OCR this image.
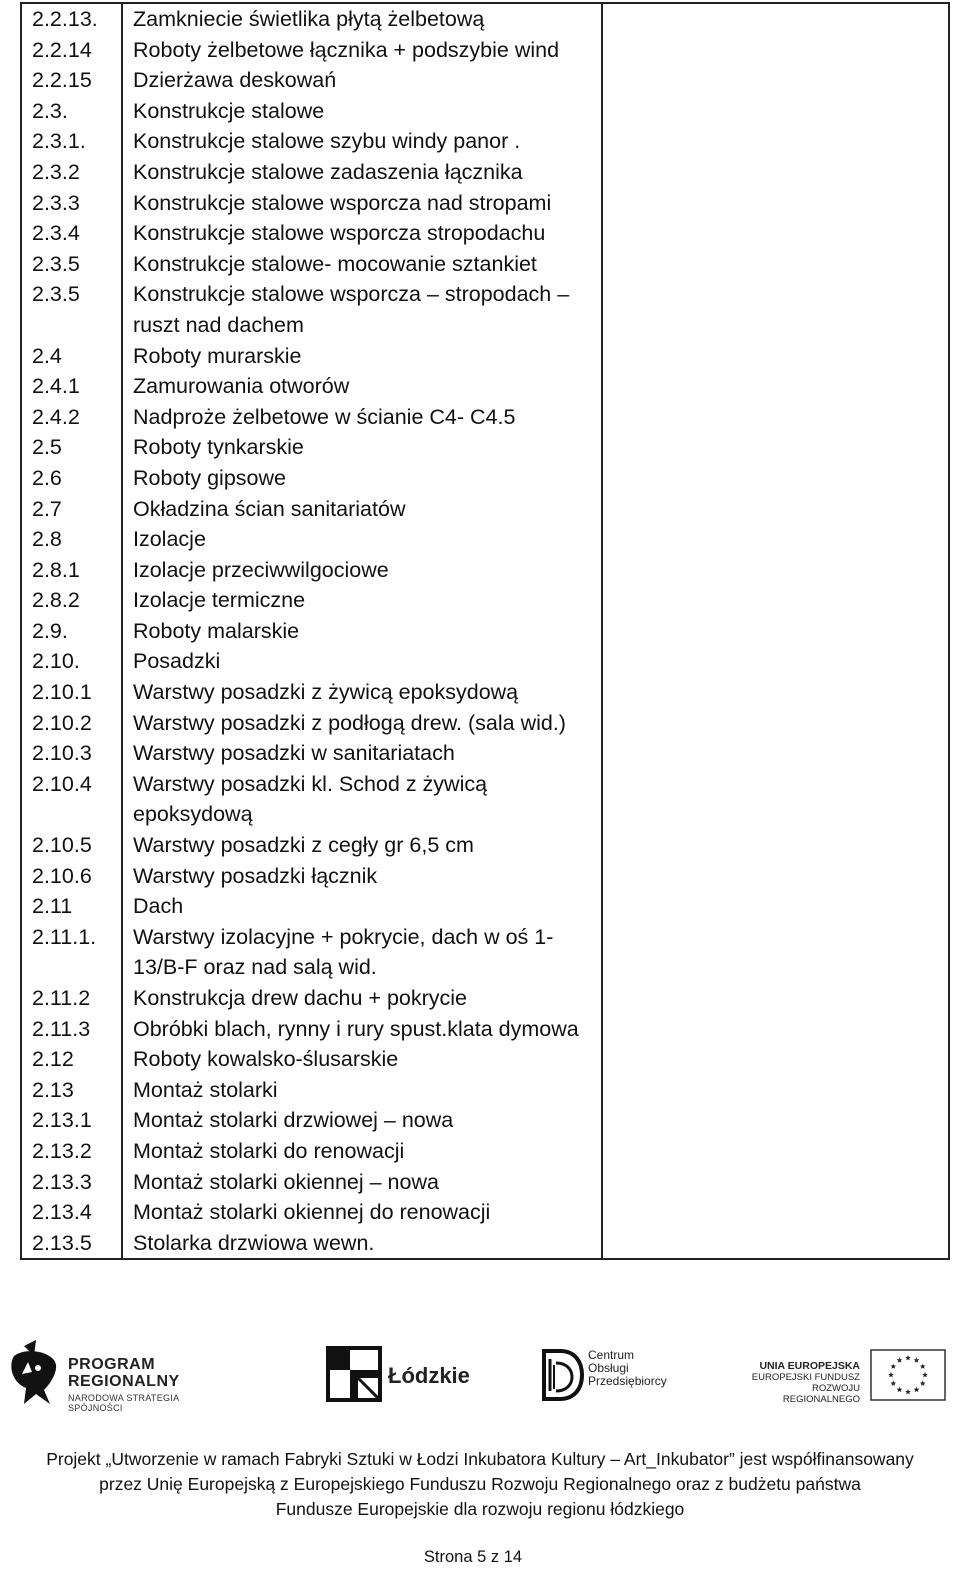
2.2.13.	Zamkniecie świetlika płytą żelbetową	
2.2.14	Roboty żelbetowe łącznika + podszybie wind	
2.2.15	Dzierżawa deskowań	
2.3.	Konstrukcje stalowe	
2.3.1.	Konstrukcje stalowe szybu windy panor .	
2.3.2	Konstrukcje stalowe zadaszenia łącznika	
2.3.3	Konstrukcje stalowe wsporcza nad stropami	
2.3.4	Konstrukcje stalowe wsporcza stropodachu	
2.3.5	Konstrukcje stalowe- mocowanie sztankiet	
2.3.5	Konstrukcje stalowe wsporcza – stropodach – ruszt nad dachem	
2.4	Roboty murarskie	
2.4.1	Zamurowania otworów	
2.4.2	Nadproże żelbetowe w ścianie C4- C4.5	
2.5	Roboty tynkarskie	
2.6	Roboty gipsowe	
2.7	Okładzina ścian sanitariatów	
2.8	Izolacje	
2.8.1	Izolacje przeciwwilgociowe	
2.8.2	Izolacje termiczne	
2.9.	Roboty malarskie	
2.10.	Posadzki	
2.10.1	Warstwy posadzki z żywicą epoksydową	
2.10.2	Warstwy posadzki z podłogą drew. (sala wid.)	
2.10.3	Warstwy posadzki w sanitariatach	
2.10.4	Warstwy posadzki kl. Schod z żywicą epoksydową	
2.10.5	Warstwy posadzki z cegły gr 6,5 cm	
2.10.6	Warstwy posadzki łącznik	
2.11	Dach	
2.11.1.	Warstwy izolacyjne + pokrycie, dach w oś 1-13/B-F oraz nad salą wid.	
2.11.2	Konstrukcja drew dachu + pokrycie	
2.11.3	Obróbki blach, rynny i rury spust.klata dymowa	
2.12	Roboty kowalsko-ślusarskie	
2.13	Montaż stolarki	
2.13.1	Montaż stolarki drzwiowej – nowa	
2.13.2	Montaż stolarki do renowacji	
2.13.3	Montaż stolarki okiennej – nowa	
2.13.4	Montaż stolarki okiennej do renowacji	
2.13.5	Stolarka drzwiowa wewn.	
PROGRAM
REGIONALNY
NARODOWA STRATEGIA SPÓJNOŚCI
Łódzkie
Centrum
Obsługi
Przedsiębiorcy
UNIA EUROPEJSKA
EUROPEJSKI FUNDUSZ
ROZWOJU REGIONALNEGO
Projekt „Utworzenie w ramach Fabryki Sztuki w Łodzi Inkubatora Kultury – Art_Inkubator” jest współfinansowany
przez Unię Europejską z Europejskiego Funduszu Rozwoju Regionalnego oraz z budżetu państwa
Fundusze Europejskie dla rozwoju regionu łódzkiego
Strona 5 z 14
